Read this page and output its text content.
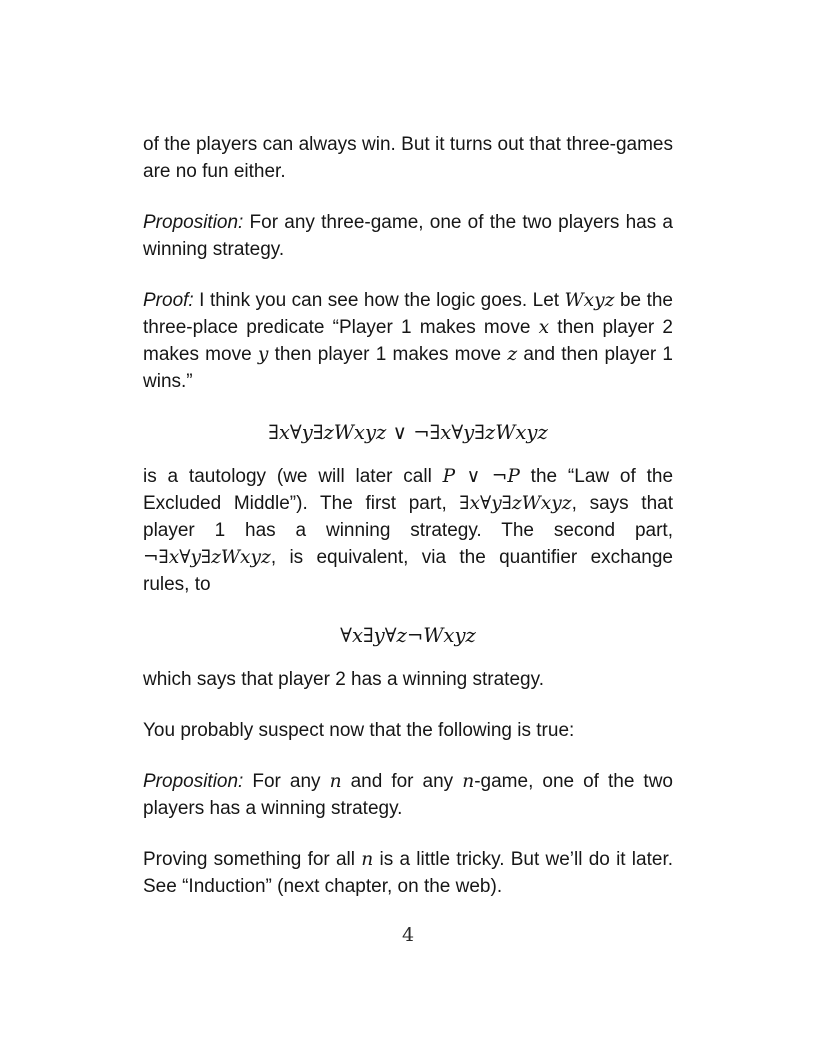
of the players can always win. But it turns out that three-games are no fun either.

Proposition: For any three-game, one of the two players has a winning strategy.

Proof: I think you can see how the logic goes. Let Wxyz be the three-place predicate “Player 1 makes move x then player 2 makes move y then player 1 makes move z and then player 1 wins.”

∃x∀y∃zWxyz ∨ ¬∃x∀y∃zWxyz

is a tautology (we will later call P ∨ ¬P the “Law of the Excluded Middle”). The first part, ∃x∀y∃zWxyz, says that player 1 has a winning strategy. The second part, ¬∃x∀y∃zWxyz, is equivalent, via the quantifier exchange rules, to

∀x∃y∀z¬Wxyz

which says that player 2 has a winning strategy.

You probably suspect now that the following is true:

Proposition: For any n and for any n-game, one of the two players has a winning strategy.

Proving something for all n is a little tricky. But we’ll do it later. See “Induction” (next chapter, on the web).

4
